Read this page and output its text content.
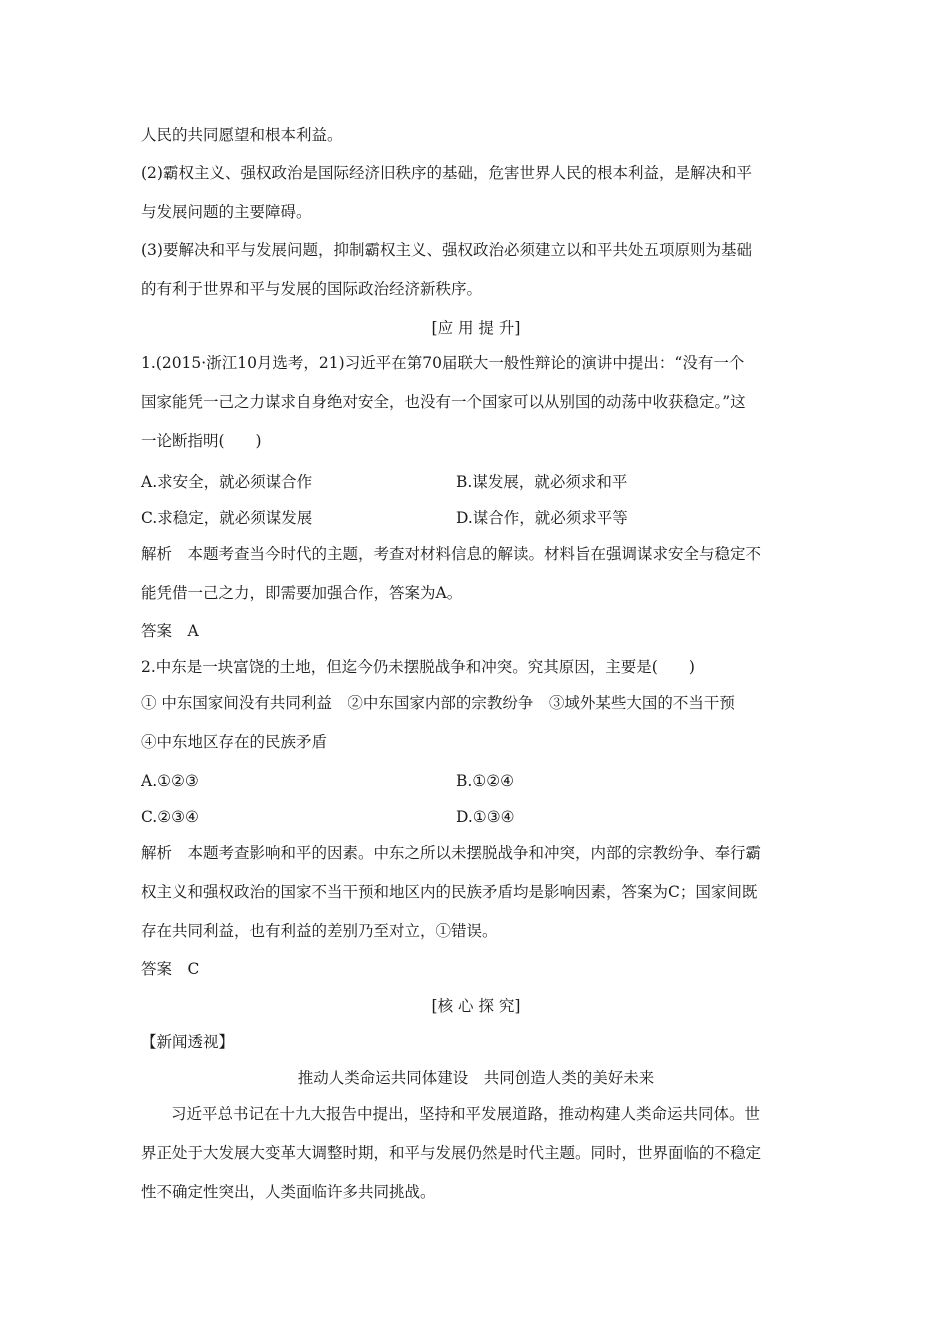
人民的共同愿望和根本利益。
(2)霸权主义、强权政治是国际经济旧秩序的基础，危害世界人民的根本利益，是解决和平
与发展问题的主要障碍。
(3)要解决和平与发展问题，抑制霸权主义、强权政治必须建立以和平共处五项原则为基础
的有利于世界和平与发展的国际政治经济新秩序。
[应 用 提 升]
1.(2015·浙江10月选考，21)习近平在第70届联大一般性辩论的演讲中提出：“没有一个
国家能凭一己之力谋求自身绝对安全，也没有一个国家可以从别国的动荡中收获稳定。”这
一论断指明(　　)
A.求安全，就必须谋合作	B.谋发展，就必须求和平
C.求稳定，就必须谋发展	D.谋合作，就必须求平等
解析　本题考查当今时代的主题，考查对材料信息的解读。材料旨在强调谋求安全与稳定不
能凭借一己之力，即需要加强合作，答案为A。
答案　A
2.中东是一块富饶的土地，但迄今仍未摆脱战争和冲突。究其原因，主要是(　　)
① 中东国家间没有共同利益　②中东国家内部的宗教纷争　③域外某些大国的不当干预
④中东地区存在的民族矛盾
A.①②③	B.①②④
C.②③④	D.①③④
解析　本题考查影响和平的因素。中东之所以未摆脱战争和冲突，内部的宗教纷争、奉行霸
权主义和强权政治的国家不当干预和地区内的民族矛盾均是影响因素，答案为C；国家间既
存在共同利益，也有利益的差别乃至对立，①错误。
答案　C
[核 心 探 究]
【新闻透视】
推动人类命运共同体建设　共同创造人类的美好未来
习近平总书记在十九大报告中提出，坚持和平发展道路，推动构建人类命运共同体。世
界正处于大发展大变革大调整时期，和平与发展仍然是时代主题。同时，世界面临的不稳定
性不确定性突出，人类面临许多共同挑战。
